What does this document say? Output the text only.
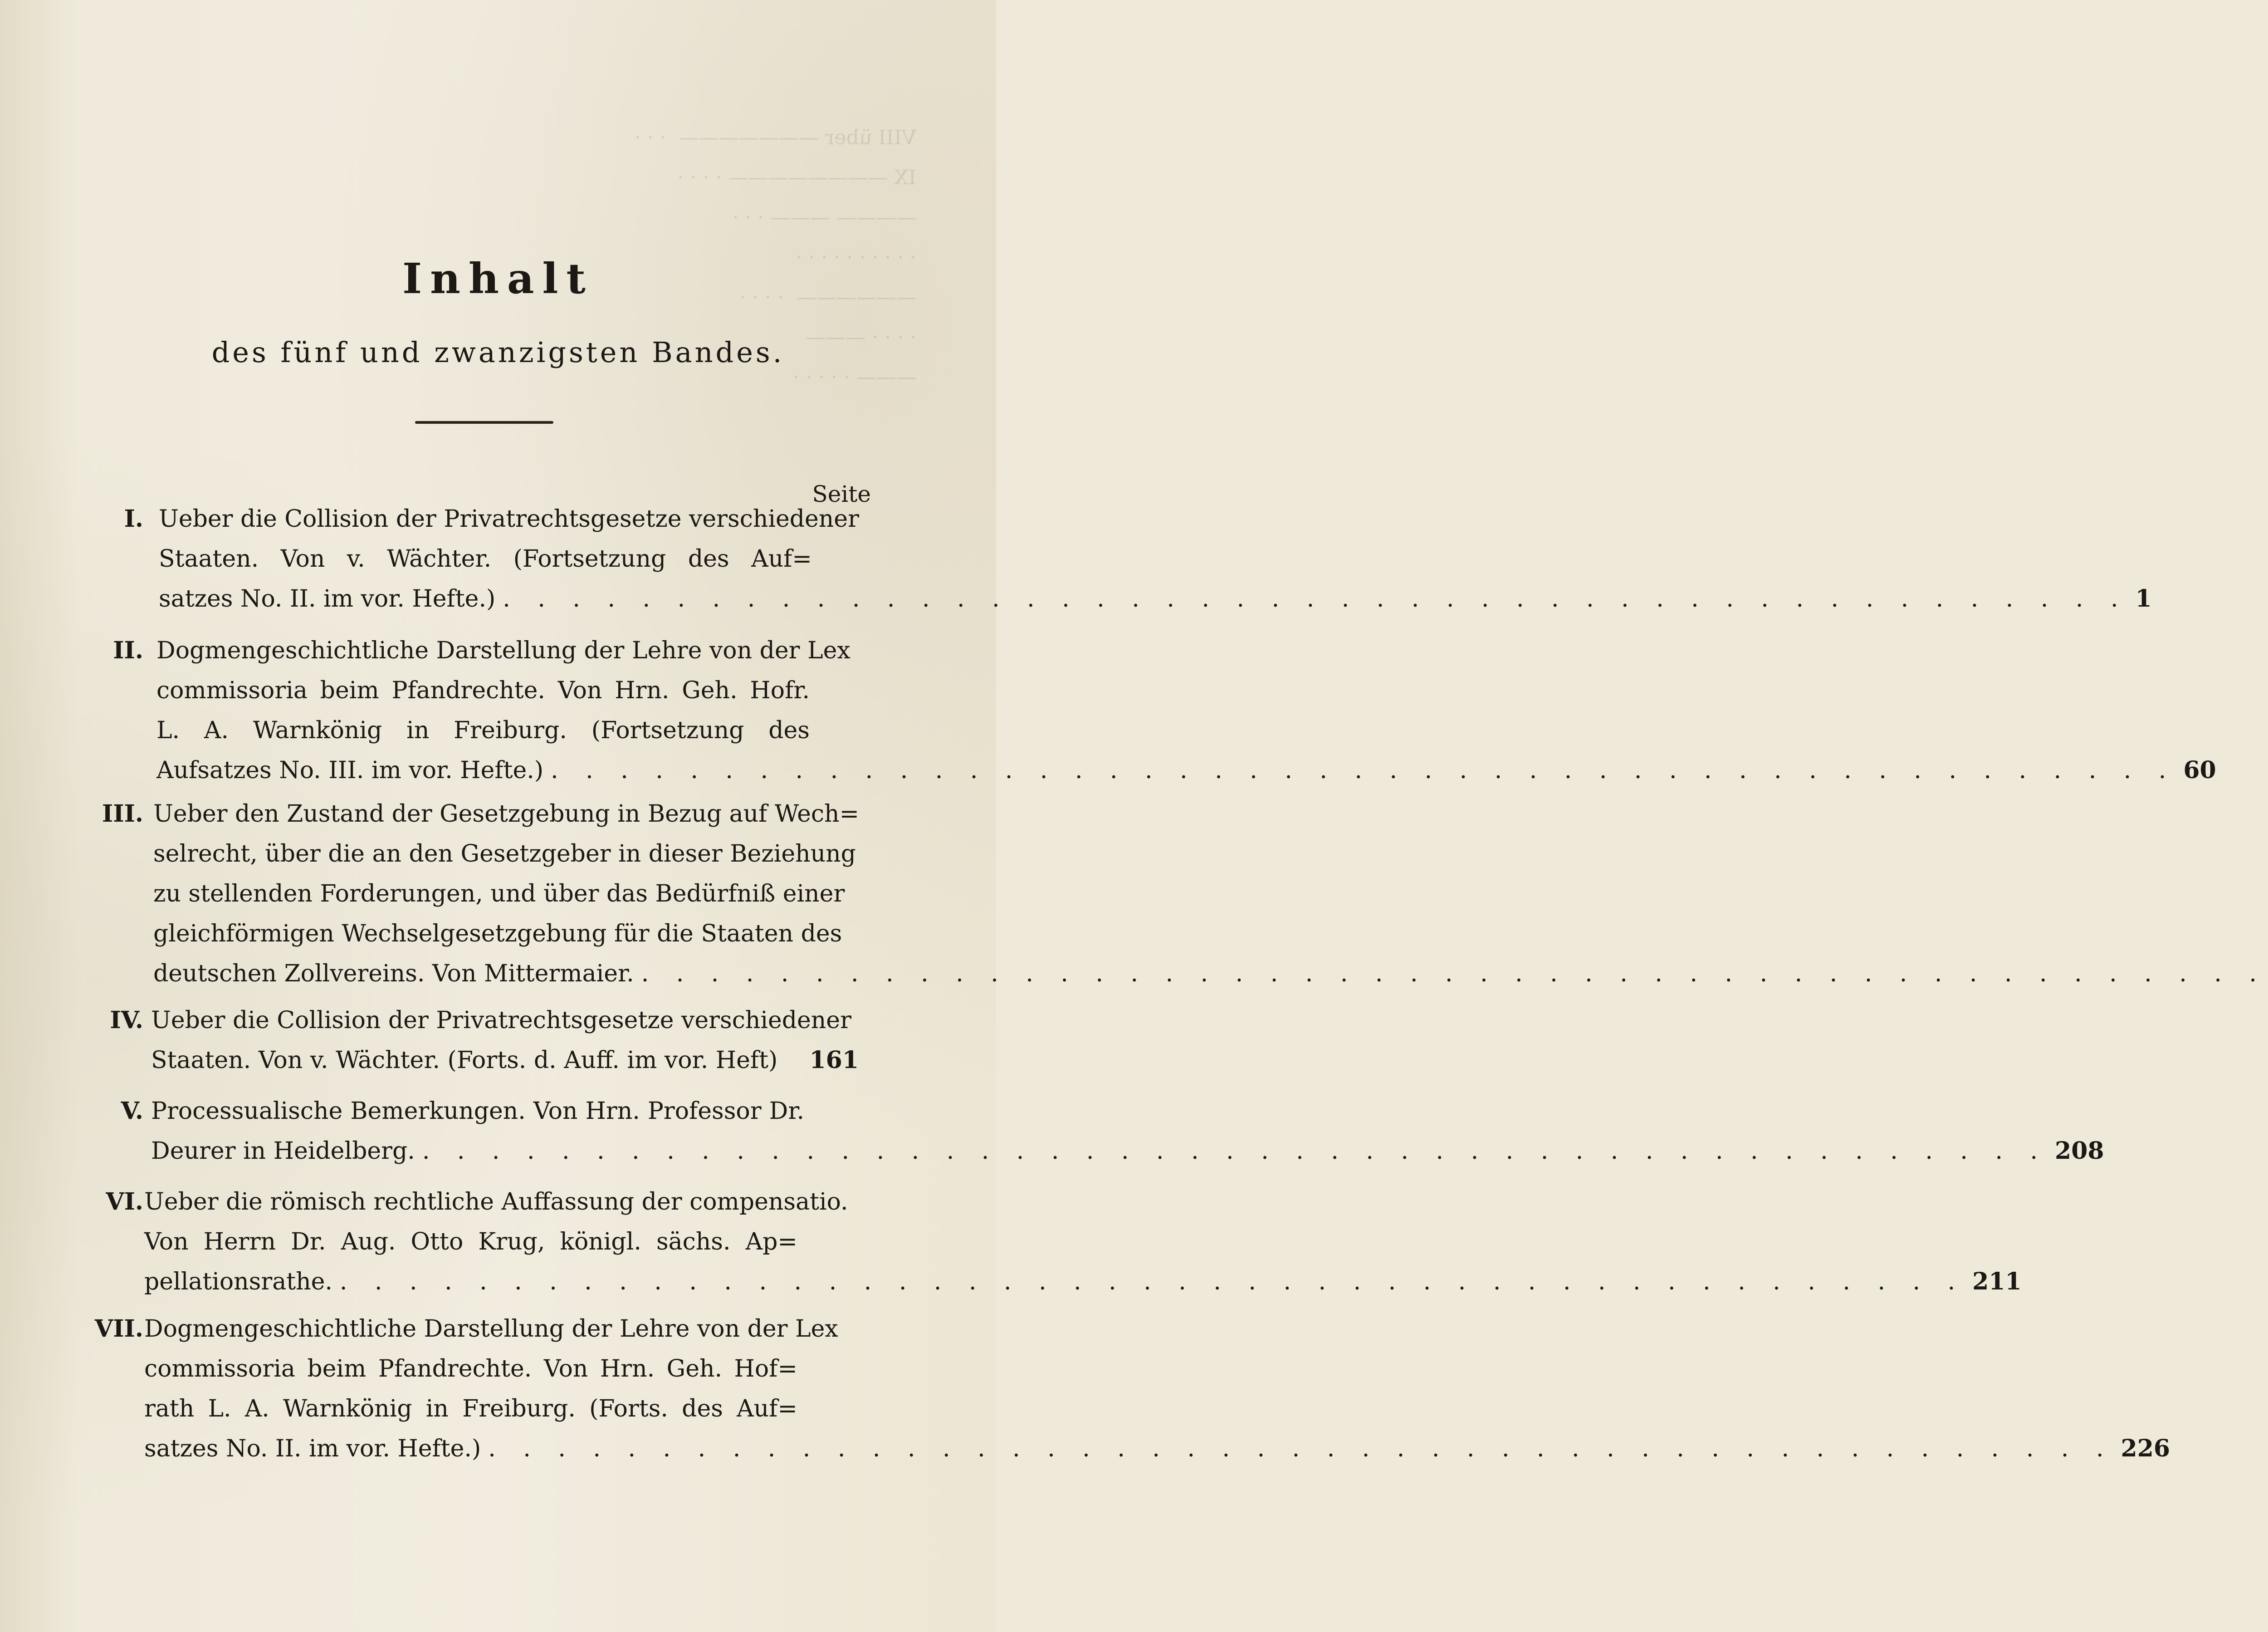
VIII über ———————  · · ·
IX ———————— · · · ·
———— ——— · · ·
· · · · · · · · · ·
——————  · · · ·
· · · · ———
——— · · · · ·
Inhalt
des fünf und zwanzigsten Bandes.
Seite
I. Ueber die Collision der Privatrechtsgesetze verschiedener
Staaten. Von v. Wächter. (Fortsetzung des Auf=
satzes No. II. im vor. Hefte.) . . . . . . . . . . . . . . . . . . . . . . . . . . . . . . . . . . . . . . . . . . . . . . . 1
II. Dogmengeschichtliche Darstellung der Lehre von der Lex
commissoria beim Pfandrechte. Von Hrn. Geh. Hofr.
L. A. Warnkönig in Freiburg. (Fortsetzung des
Aufsatzes No. III. im vor. Hefte.) . . . . . . . . . . . . . . . . . . . . . . . . . . . . . . . . . . . . . . . . . . . . . . . 60
III. Ueber den Zustand der Gesetzgebung in Bezug auf Wech=
selrecht, über die an den Gesetzgeber in dieser Beziehung
zu stellenden Forderungen, und über das Bedürfniß einer
gleichförmigen Wechselgesetzgebung für die Staaten des
deutschen Zollvereins. Von Mittermaier. . . . . . . . . . . . . . . . . . . . . . . . . . . . . . . . . . . . . . . . . . . . . . . .
IV. Ueber die Collision der Privatrechtsgesetze verschiedener
Staaten. Von v. Wächter. (Forts. d. Auff. im vor. Heft) 161
V. Processualische Bemerkungen. Von Hrn. Professor Dr.
Deurer in Heidelberg. . . . . . . . . . . . . . . . . . . . . . . . . . . . . . . . . . . . . . . . . . . . . . . . 208
VI. Ueber die römisch rechtliche Auffassung der compensatio.
Von Herrn Dr. Aug. Otto Krug, königl. sächs. Ap=
pellationsrathe. . . . . . . . . . . . . . . . . . . . . . . . . . . . . . . . . . . . . . . . . . . . . . . . 211
VII. Dogmengeschichtliche Darstellung der Lehre von der Lex
commissoria beim Pfandrechte. Von Hrn. Geh. Hof=
rath L. A. Warnkönig in Freiburg. (Forts. des Auf=
satzes No. II. im vor. Hefte.) . . . . . . . . . . . . . . . . . . . . . . . . . . . . . . . . . . . . . . . . . . . . . . . 226
